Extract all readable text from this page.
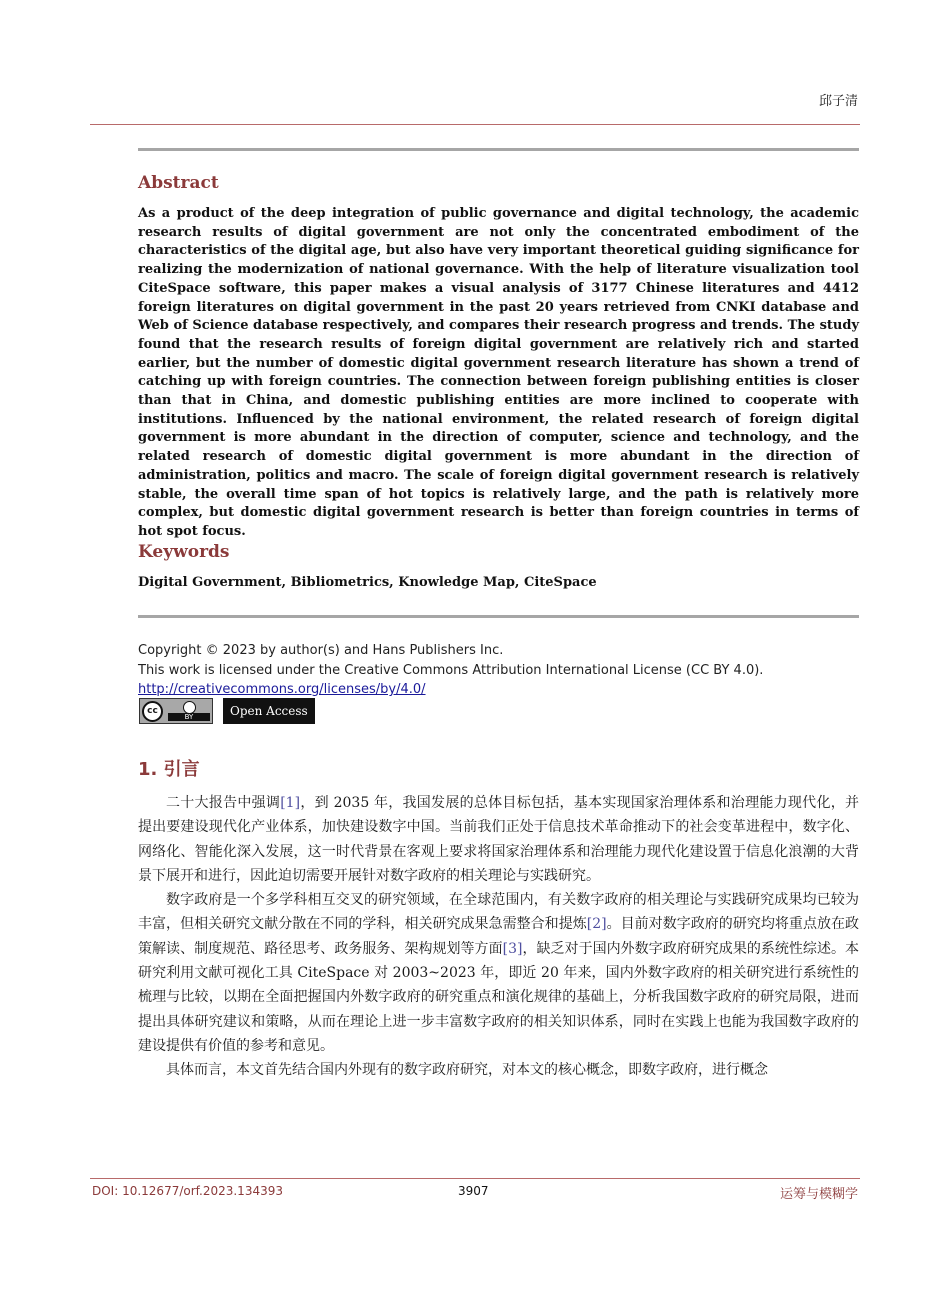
邱子清
Abstract
As a product of the deep integration of public governance and digital technology, the academic research results of digital government are not only the concentrated embodiment of the characteristics of the digital age, but also have very important theoretical guiding significance for realizing the modernization of national governance. With the help of literature visualization tool CiteSpace software, this paper makes a visual analysis of 3177 Chinese literatures and 4412 foreign literatures on digital government in the past 20 years retrieved from CNKI database and Web of Science database respectively, and compares their research progress and trends. The study found that the research results of foreign digital government are relatively rich and started earlier, but the number of domestic digital government research literature has shown a trend of catching up with foreign countries. The connection between foreign publishing entities is closer than that in China, and domestic publishing entities are more inclined to cooperate with institutions. Influenced by the national environment, the related research of foreign digital government is more abundant in the direction of computer, science and technology, and the related research of domestic digital government is more abundant in the direction of administration, politics and macro. The scale of foreign digital government research is relatively stable, the overall time span of hot topics is relatively large, and the path is relatively more complex, but domestic digital government research is better than foreign countries in terms of hot spot focus.
Keywords
Digital Government, Bibliometrics, Knowledge Map, CiteSpace
Copyright © 2023 by author(s) and Hans Publishers Inc.
This work is licensed under the Creative Commons Attribution International License (CC BY 4.0).
http://creativecommons.org/licenses/by/4.0/
cc
BY	Open Access
1. 引言

二十大报告中强调[1]，到 2035 年，我国发展的总体目标包括，基本实现国家治理体系和治理能力现代化，并提出要建设现代化产业体系，加快建设数字中国。当前我们正处于信息技术革命推动下的社会变革进程中，数字化、网络化、智能化深入发展，这一时代背景在客观上要求将国家治理体系和治理能力现代化建设置于信息化浪潮的大背景下展开和进行，因此迫切需要开展针对数字政府的相关理论与实践研究。

数字政府是一个多学科相互交叉的研究领域，在全球范围内，有关数字政府的相关理论与实践研究成果均已较为丰富，但相关研究文献分散在不同的学科，相关研究成果急需整合和提炼[2]。目前对数字政府的研究均将重点放在政策解读、制度规范、路径思考、政务服务、架构规划等方面[3]，缺乏对于国内外数字政府研究成果的系统性综述。本研究利用文献可视化工具 CiteSpace 对 2003~2023 年，即近 20 年来，国内外数字政府的相关研究进行系统性的梳理与比较，以期在全面把握国内外数字政府的研究重点和演化规律的基础上，分析我国数字政府的研究局限，进而提出具体研究建议和策略，从而在理论上进一步丰富数字政府的相关知识体系，同时在实践上也能为我国数字政府的建设提供有价值的参考和意见。

具体而言，本文首先结合国内外现有的数字政府研究，对本文的核心概念，即数字政府，进行概念

DOI: 10.12677/orf.2023.134393	3907	运筹与模糊学
